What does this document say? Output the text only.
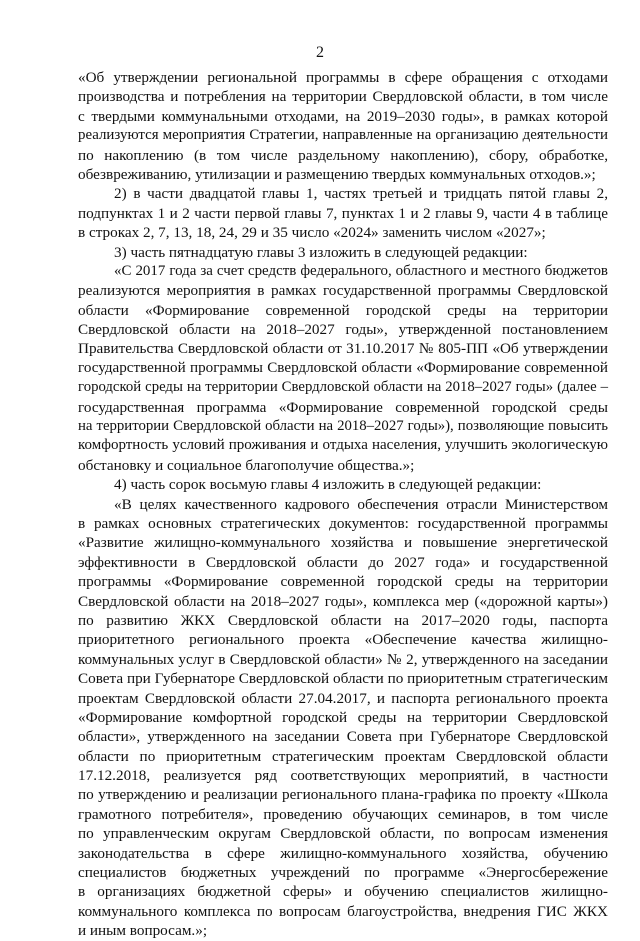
2
«Об утверждении региональной программы в сфере обращения с отходами
производства и потребления на территории Свердловской области, в том числе
с твердыми коммунальными отходами, на 2019–2030 годы», в рамках которой
реализуются мероприятия Стратегии, направленные на организацию деятельности
по накоплению (в том числе раздельному накоплению), сбору, обработке,
обезвреживанию, утилизации и размещению твердых коммунальных отходов.»;
2) в части двадцатой главы 1, частях третьей и тридцать пятой главы 2,
подпунктах 1 и 2 части первой главы 7, пунктах 1 и 2 главы 9, части 4 в таблице
в строках 2, 7, 13, 18, 24, 29 и 35 число «2024» заменить числом «2027»;
3) часть пятнадцатую главы 3 изложить в следующей редакции:
«С 2017 года за счет средств федерального, областного и местного бюджетов
реализуются мероприятия в рамках государственной программы Свердловской
области «Формирование современной городской среды на территории
Свердловской области на 2018–2027 годы», утвержденной постановлением
Правительства Свердловской области от 31.10.2017 № 805-ПП «Об утверждении
государственной программы Свердловской области «Формирование современной
городской среды на территории Свердловской области на 2018–2027 годы» (далее –
государственная программа «Формирование современной городской среды
на территории Свердловской области на 2018–2027 годы»), позволяющие повысить
комфортность условий проживания и отдыха населения, улучшить экологическую
обстановку и социальное благополучие общества.»;
4) часть сорок восьмую главы 4 изложить в следующей редакции:
«В целях качественного кадрового обеспечения отрасли Министерством
в рамках основных стратегических документов: государственной программы
«Развитие жилищно-коммунального хозяйства и повышение энергетической
эффективности в Свердловской области до 2027 года» и государственной
программы «Формирование современной городской среды на территории
Свердловской области на 2018–2027 годы», комплекса мер («дорожной карты»)
по развитию ЖКХ Свердловской области на 2017–2020 годы, паспорта
приоритетного регионального проекта «Обеспечение качества жилищно-
коммунальных услуг в Свердловской области» № 2, утвержденного на заседании
Совета при Губернаторе Свердловской области по приоритетным стратегическим
проектам Свердловской области 27.04.2017, и паспорта регионального проекта
«Формирование комфортной городской среды на территории Свердловской
области», утвержденного на заседании Совета при Губернаторе Свердловской
области по приоритетным стратегическим проектам Свердловской области
17.12.2018, реализуется ряд соответствующих мероприятий, в частности
по утверждению и реализации регионального плана-графика по проекту «Школа
грамотного потребителя», проведению обучающих семинаров, в том числе
по управленческим округам Свердловской области, по вопросам изменения
законодательства в сфере жилищно-коммунального хозяйства, обучению
специалистов бюджетных учреждений по программе «Энергосбережение
в организациях бюджетной сферы» и обучению специалистов жилищно-
коммунального комплекса по вопросам благоустройства, внедрения ГИС ЖКХ
и иным вопросам.»;
